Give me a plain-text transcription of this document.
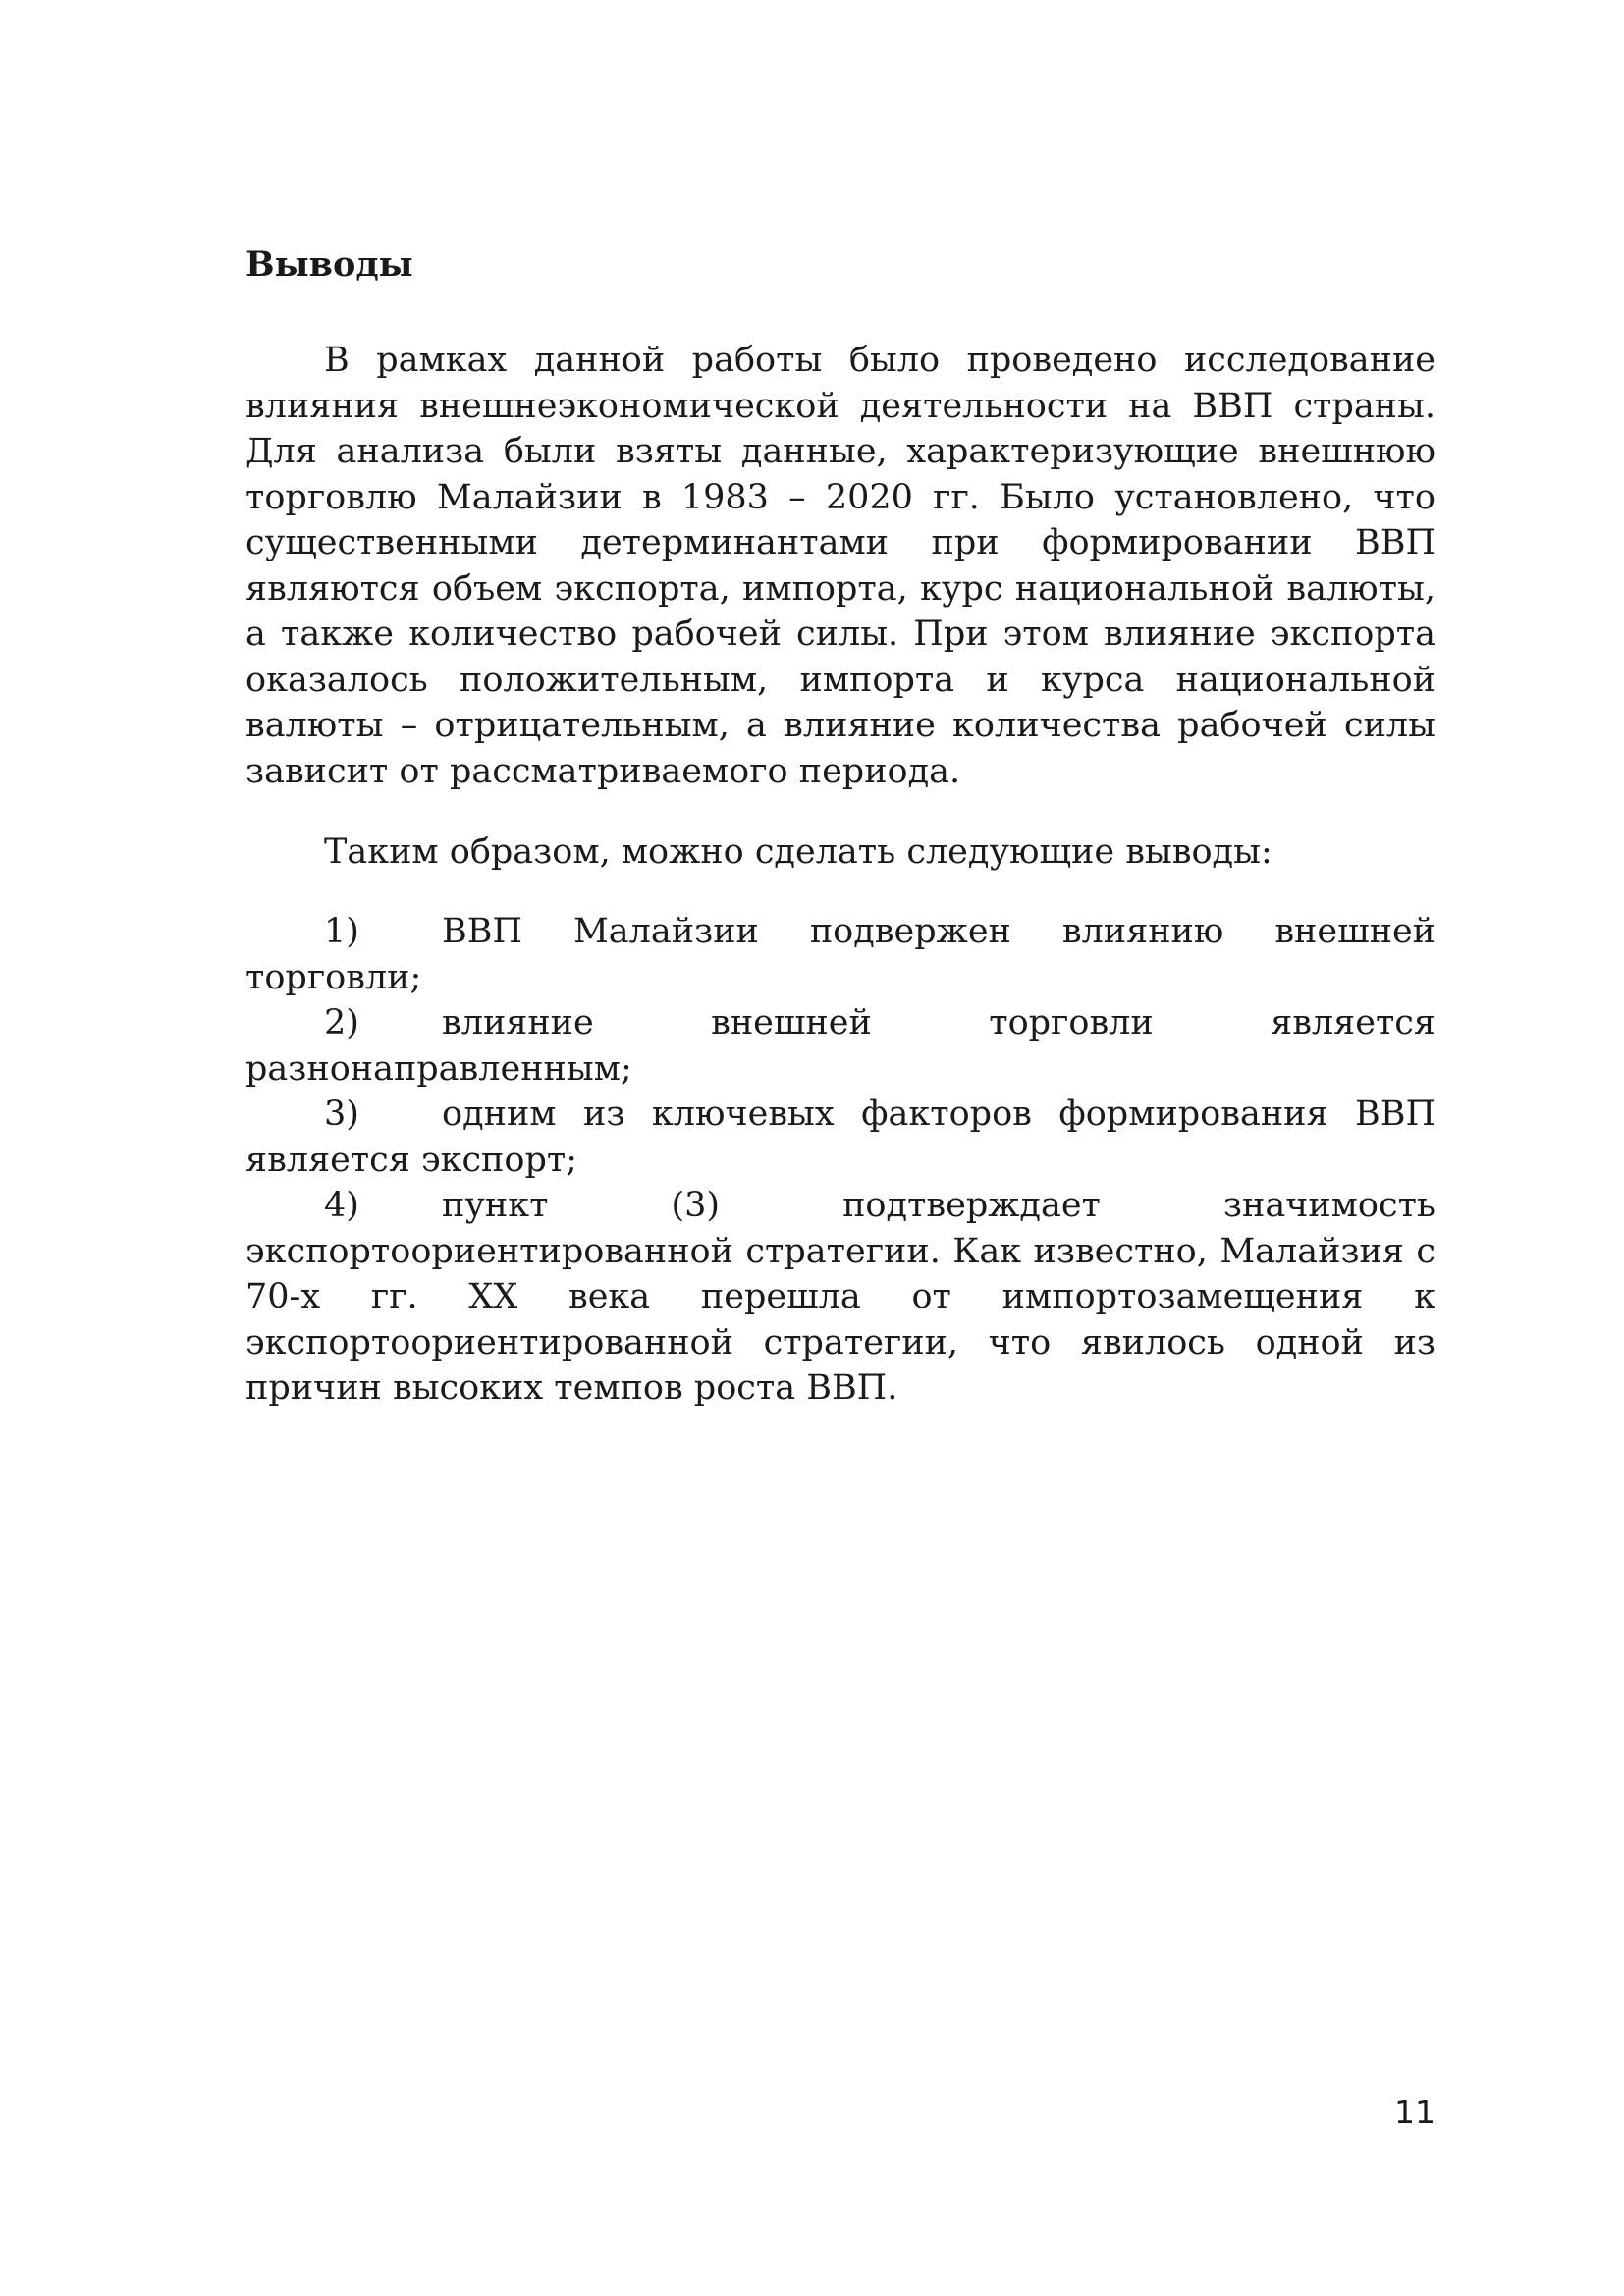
Выводы

В рамках данной работы было проведено исследование влияния внешнеэкономической деятельности на ВВП страны. Для анализа были взяты данные, характеризующие внешнюю торговлю Малайзии в 1983 – 2020 гг. Было установлено, что существенными детерминантами при формировании ВВП являются объем экспорта, импорта, курс национальной валюты, а также количество рабочей силы. При этом влияние экспорта оказалось положительным, импорта и курса национальной валюты – отрицательным, а влияние количества рабочей силы зависит от рассматриваемого периода.

Таким образом, можно сделать следующие выводы:

1) ВВП Малайзии подвержен влиянию внешней торговли;
2) влияние внешней торговли является разнонаправленным;
3) одним из ключевых факторов формирования ВВП является экспорт;
4) пункт (3) подтверждает значимость экспортоориентированной стратегии. Как известно, Малайзия с 70-х гг. XX века перешла от импортозамещения к экспортоориентированной стратегии, что явилось одной из причин высоких темпов роста ВВП.
11
